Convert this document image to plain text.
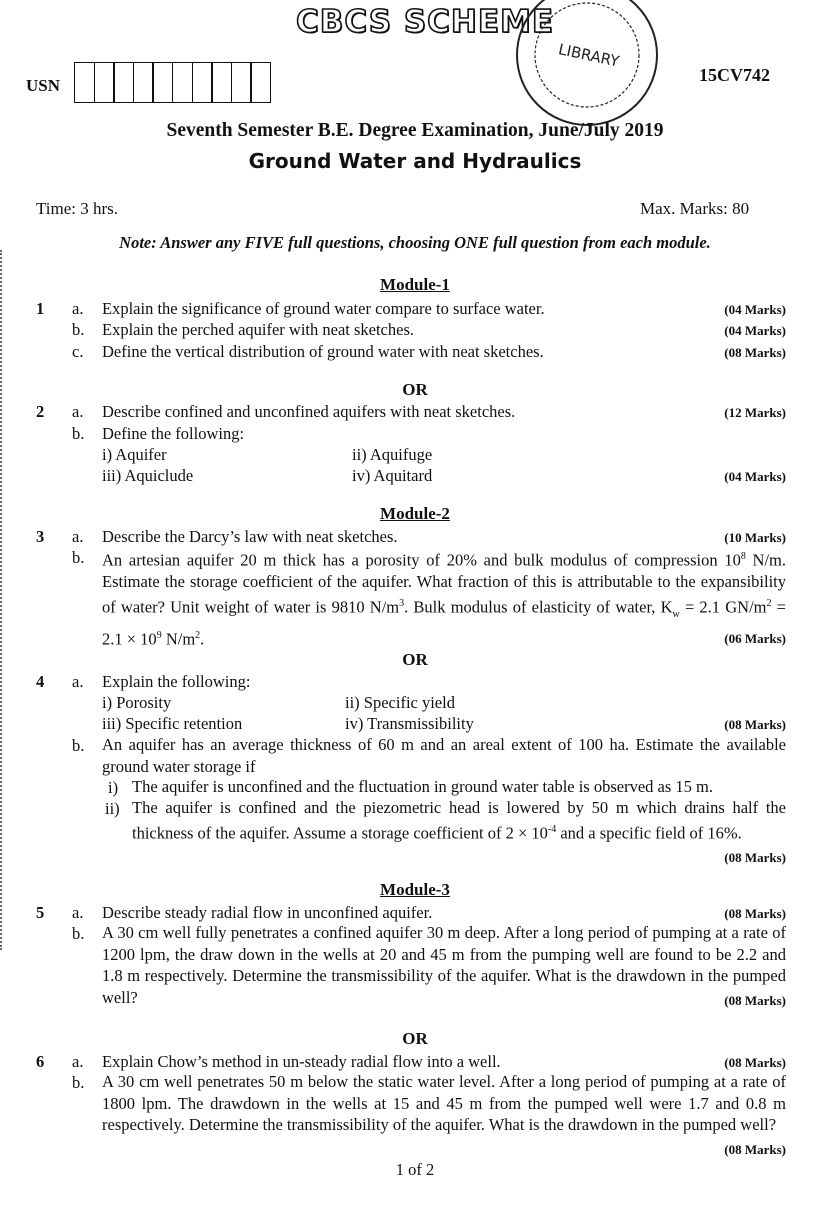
CBCS SCHEME
LIBRARY
USN
15CV742
Seventh Semester B.E. Degree Examination, June/July 2019
Ground Water and Hydraulics
Time: 3 hrs.	Max. Marks: 80
Note: Answer any FIVE full questions, choosing ONE full question from each module.
Module-1
1 a. Explain the significance of ground water compare to surface water.	(04 Marks)
b. Explain the perched aquifer with neat sketches.	(04 Marks)
c. Define the vertical distribution of ground water with neat sketches.	(08 Marks)
OR
2 a. Describe confined and unconfined aquifers with neat sketches.	(12 Marks)
b. Define the following:
i) Aquifer	ii) Aquifuge
iii) Aquiclude	iv) Aquitard	(04 Marks)
Module-2
3 a. Describe the Darcy’s law with neat sketches.	(10 Marks)
b. An artesian aquifer 20 m thick has a porosity of 20% and bulk modulus of compression $10^8$ N/m. Estimate the storage coefficient of the aquifer. What fraction of this is attributable to the expansibility of water? Unit weight of water is 9810 $N/m^3$. Bulk modulus of elasticity of water, $K_w = 2.1$ $GN/m^2 = 2.1 \times 10^9$ $N/m^2$.	(06 Marks)
OR
4 a. Explain the following:
i) Porosity	ii) Specific yield
iii) Specific retention	iv) Transmissibility	(08 Marks)
b. An aquifer has an average thickness of 60 m and an areal extent of 100 ha. Estimate the available ground water storage if
i) The aquifer is unconfined and the fluctuation in ground water table is observed as 15 m.
ii) The aquifer is confined and the piezometric head is lowered by 50 m which drains half the thickness of the aquifer. Assume a storage coefficient of $2 \times 10^{-4}$ and a specific field of 16%.
(08 Marks)
Module-3
5 a. Describe steady radial flow in unconfined aquifer.	(08 Marks)
b. A 30 cm well fully penetrates a confined aquifer 30 m deep. After a long period of pumping at a rate of 1200 lpm, the draw down in the wells at 20 and 45 m from the pumping well are found to be 2.2 and 1.8 m respectively. Determine the transmissibility of the aquifer. What is the drawdown in the pumped well?	(08 Marks)
OR
6 a. Explain Chow’s method in un-steady radial flow into a well.	(08 Marks)
b. A 30 cm well penetrates 50 m below the static water level. After a long period of pumping at a rate of 1800 lpm. The drawdown in the wells at 15 and 45 m from the pumped well were 1.7 and 0.8 m respectively. Determine the transmissibility of the aquifer. What is the drawdown in the pumped well?
(08 Marks)
1 of 2
